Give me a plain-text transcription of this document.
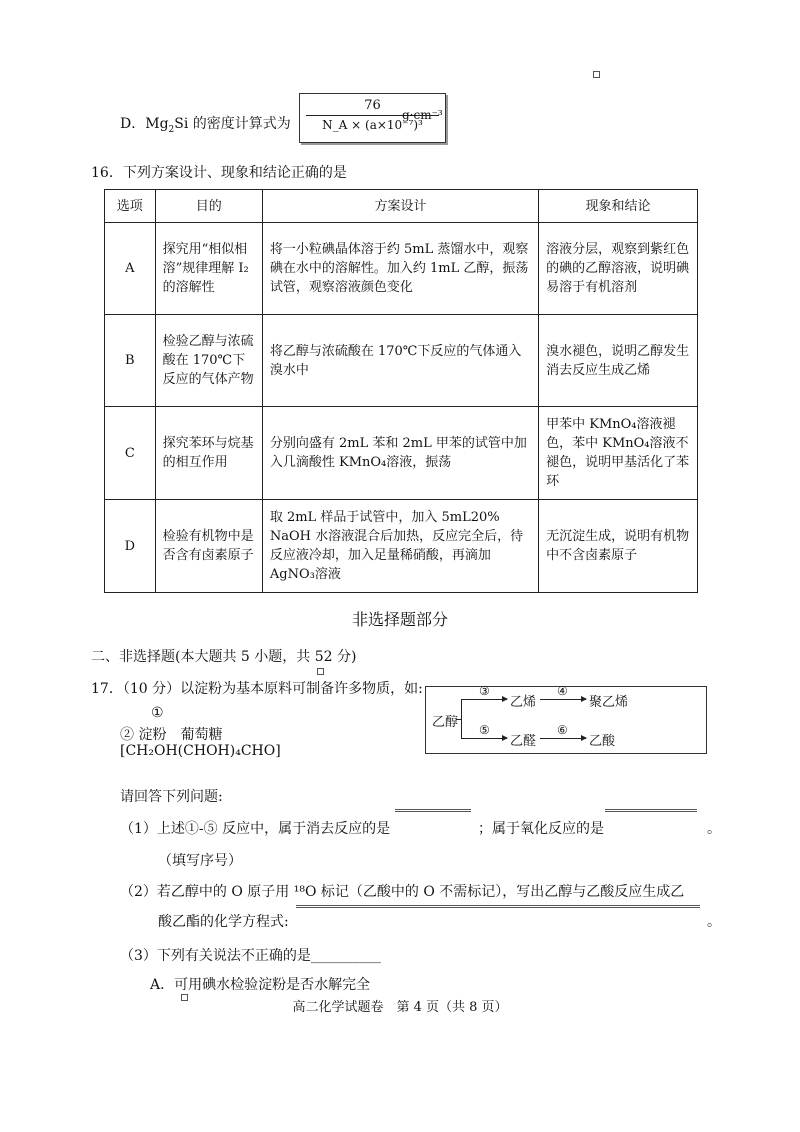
D．$Mg_2Si$ 的密度计算式为
76
N_A × (a×10⁻⁷)³
g·cm⁻³
16．下列方案设计、现象和结论正确的是
选项	目的	方案设计	现象和结论
A	探究用“相似相溶”规律理解 I₂的溶解性	将一小粒碘晶体溶于约 5mL 蒸馏水中，观察碘在水中的溶解性。加入约 1mL 乙醇，振荡试管，观察溶液颜色变化	溶液分层，观察到紫红色的碘的乙醇溶液，说明碘易溶于有机溶剂
B	检验乙醇与浓硫酸在 170℃下反应的气体产物	将乙醇与浓硫酸在 170℃下反应的气体通入溴水中	溴水褪色，说明乙醇发生消去反应生成乙烯
C	探究苯环与烷基的相互作用	分别向盛有 2mL 苯和 2mL 甲苯的试管中加入几滴酸性 KMnO₄溶液，振荡	甲苯中 KMnO₄溶液褪色，苯中 KMnO₄溶液不褪色，说明甲基活化了苯环
D	检验有机物中是否含有卤素原子	取 2mL 样品于试管中，加入 5mL20% NaOH 水溶液混合后加热，反应完全后，待反应液冷却，加入足量稀硝酸，再滴加 AgNO₃溶液	无沉淀生成，说明有机物中不含卤素原子
非选择题部分
二、非选择题(本大题共 5 小题，共 52 分)
17．（10 分）以淀粉为基本原料可制备许多物质，如:
①
② 淀粉　葡萄糖
[CH₂OH(CHOH)₄CHO]
乙醇
③
乙烯
④
聚乙烯
⑤
乙醛
⑥
乙酸
请回答下列问题:
（1）上述①-⑤ 反应中，属于消去反应的是	；属于氧化反应的是	。
（填写序号）
（2）若乙醇中的 O 原子用 ¹⁸O 标记（乙酸中的 O 不需标记），写出乙醇与乙酸反应生成乙
酸乙酯的化学方程式:	。
（3）下列有关说法不正确的是__________
A．可用碘水检验淀粉是否水解完全
高二化学试题卷　第 4 页（共 8 页）
